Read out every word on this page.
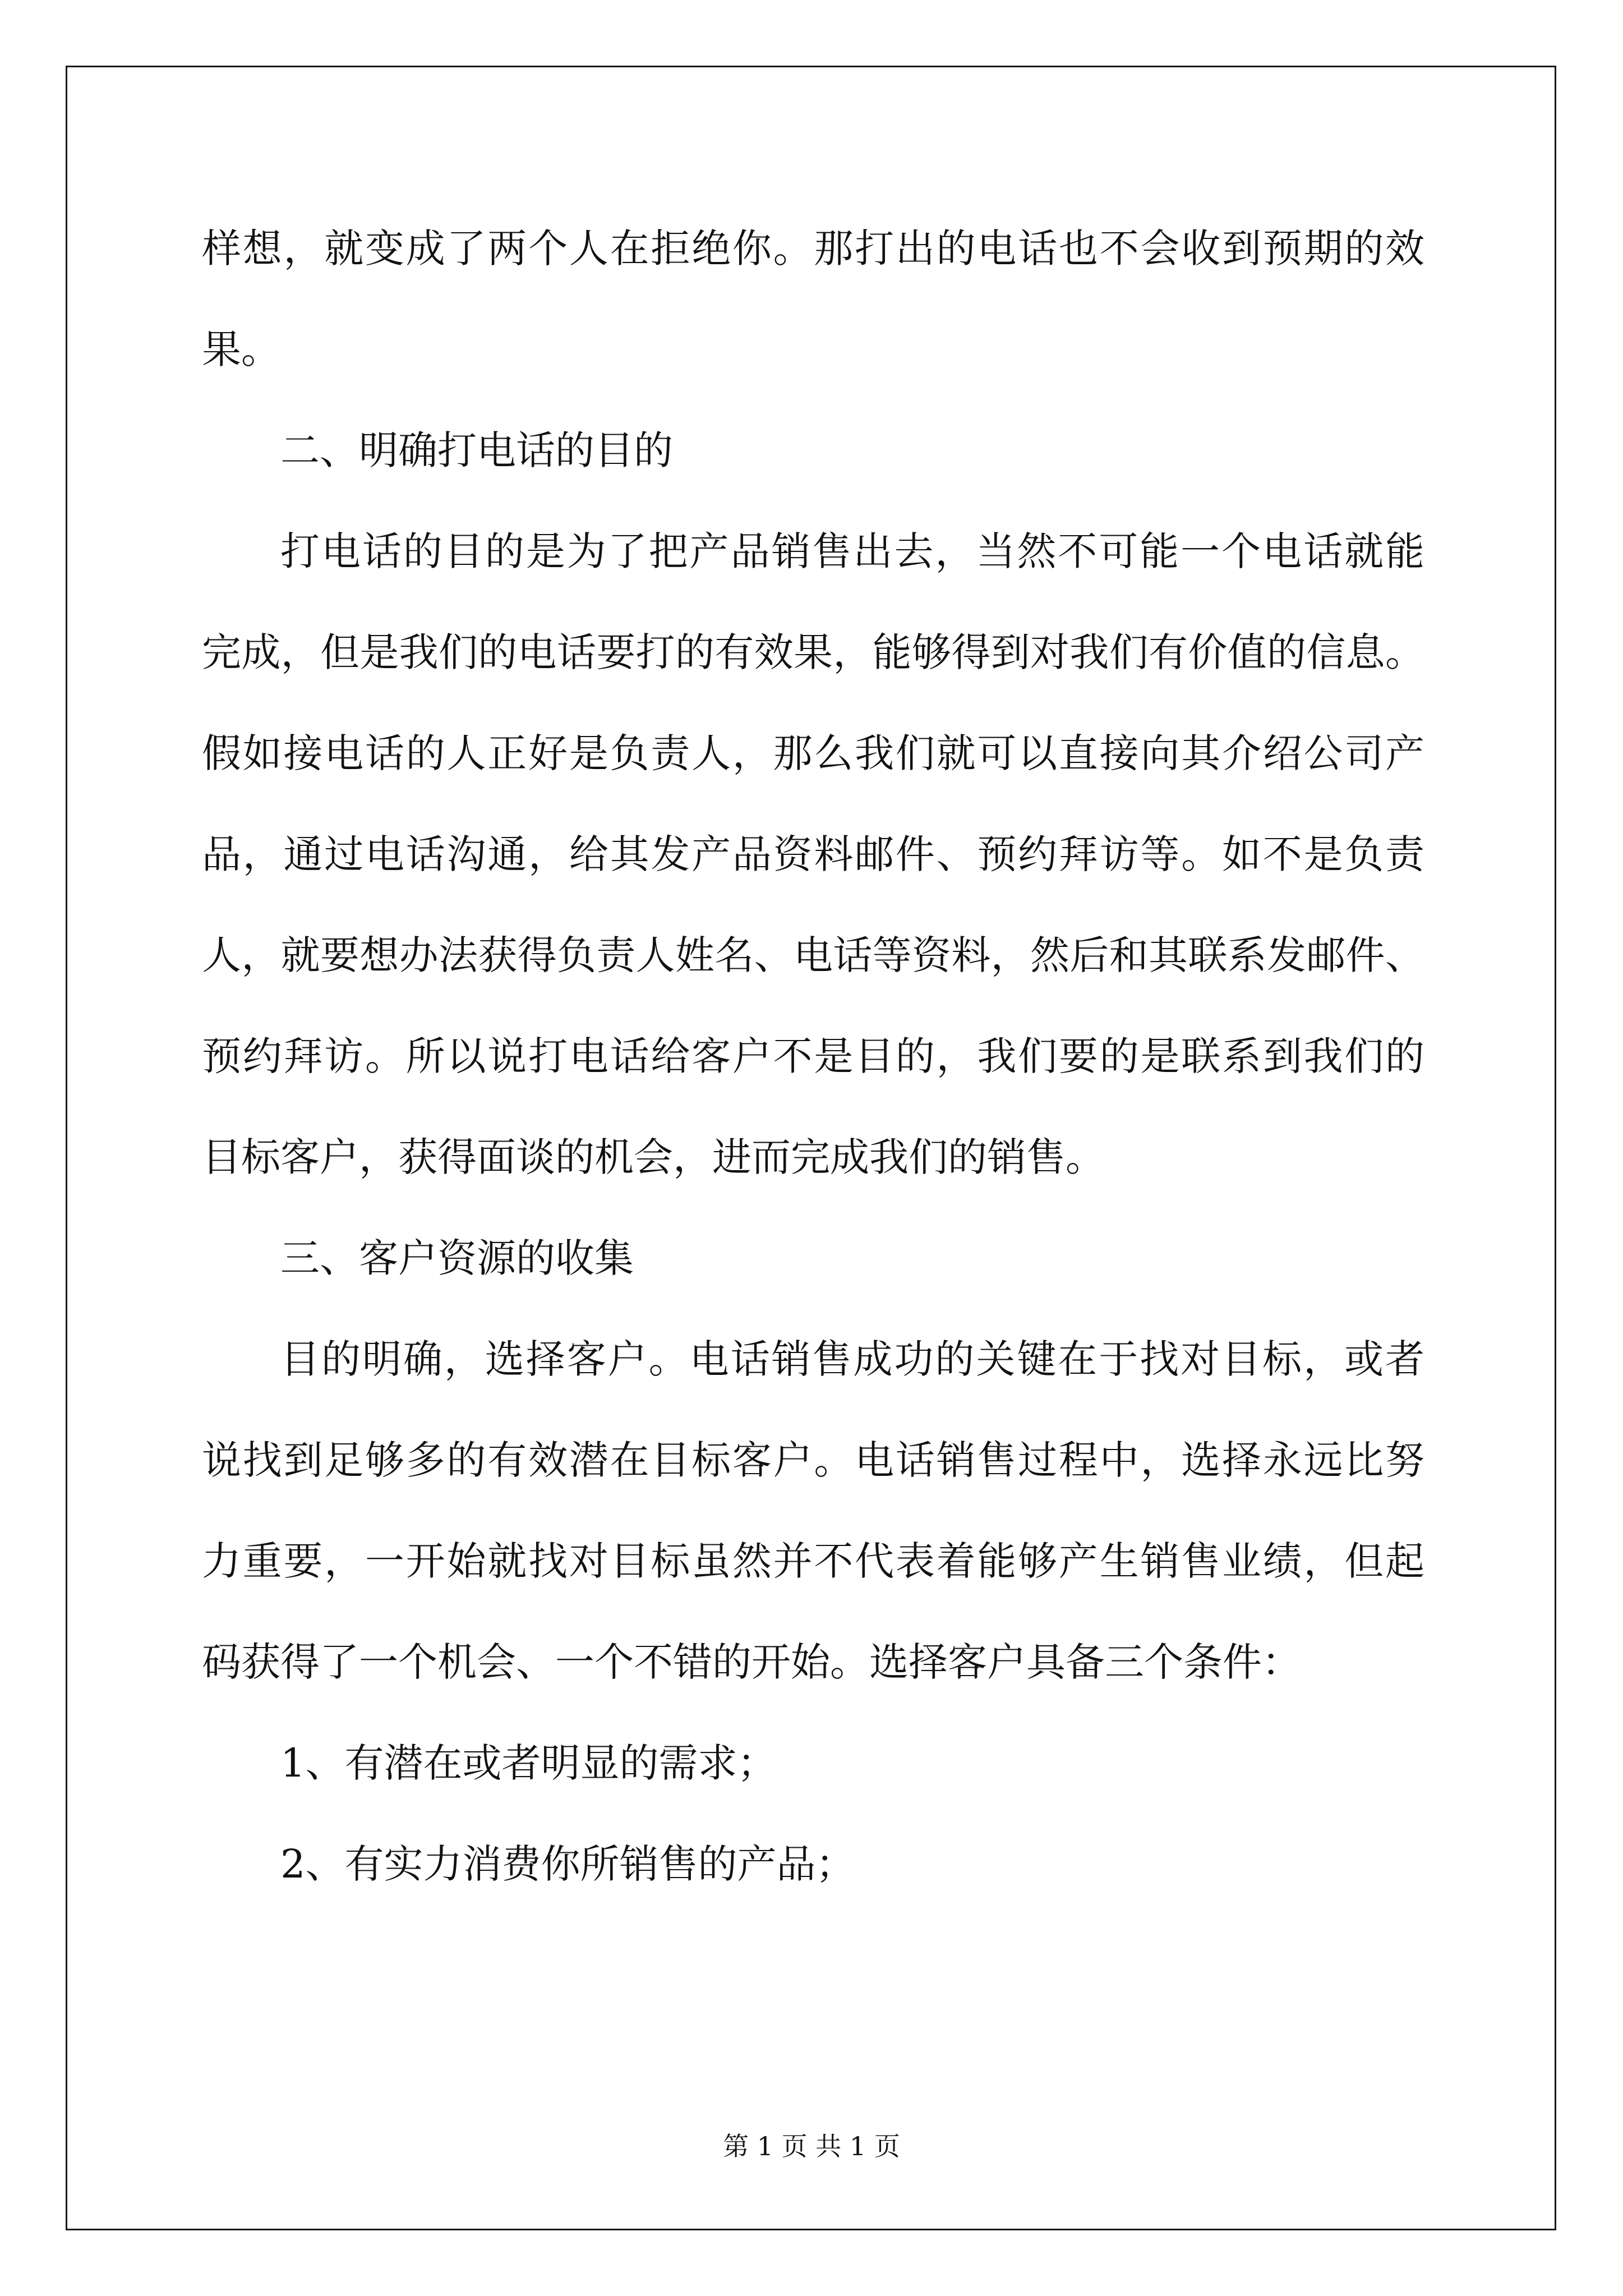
样想，就变成了两个人在拒绝你。那打出的电话也不会收到预期的效
果。
二、明确打电话的目的
打电话的目的是为了把产品销售出去，当然不可能一个电话就能
完成，但是我们的电话要打的有效果，能够得到对我们有价值的信息。
假如接电话的人正好是负责人，那么我们就可以直接向其介绍公司产
品，通过电话沟通，给其发产品资料邮件、预约拜访等。如不是负责
人，就要想办法获得负责人姓名、电话等资料，然后和其联系发邮件、
预约拜访。所以说打电话给客户不是目的，我们要的是联系到我们的
目标客户，获得面谈的机会，进而完成我们的销售。
三、客户资源的收集
目的明确，选择客户。电话销售成功的关键在于找对目标，或者
说找到足够多的有效潜在目标客户。电话销售过程中，选择永远比努
力重要，一开始就找对目标虽然并不代表着能够产生销售业绩，但起
码获得了一个机会、一个不错的开始。选择客户具备三个条件：
1、有潜在或者明显的需求；
2、有实力消费你所销售的产品；
第 1 页 共 1 页
